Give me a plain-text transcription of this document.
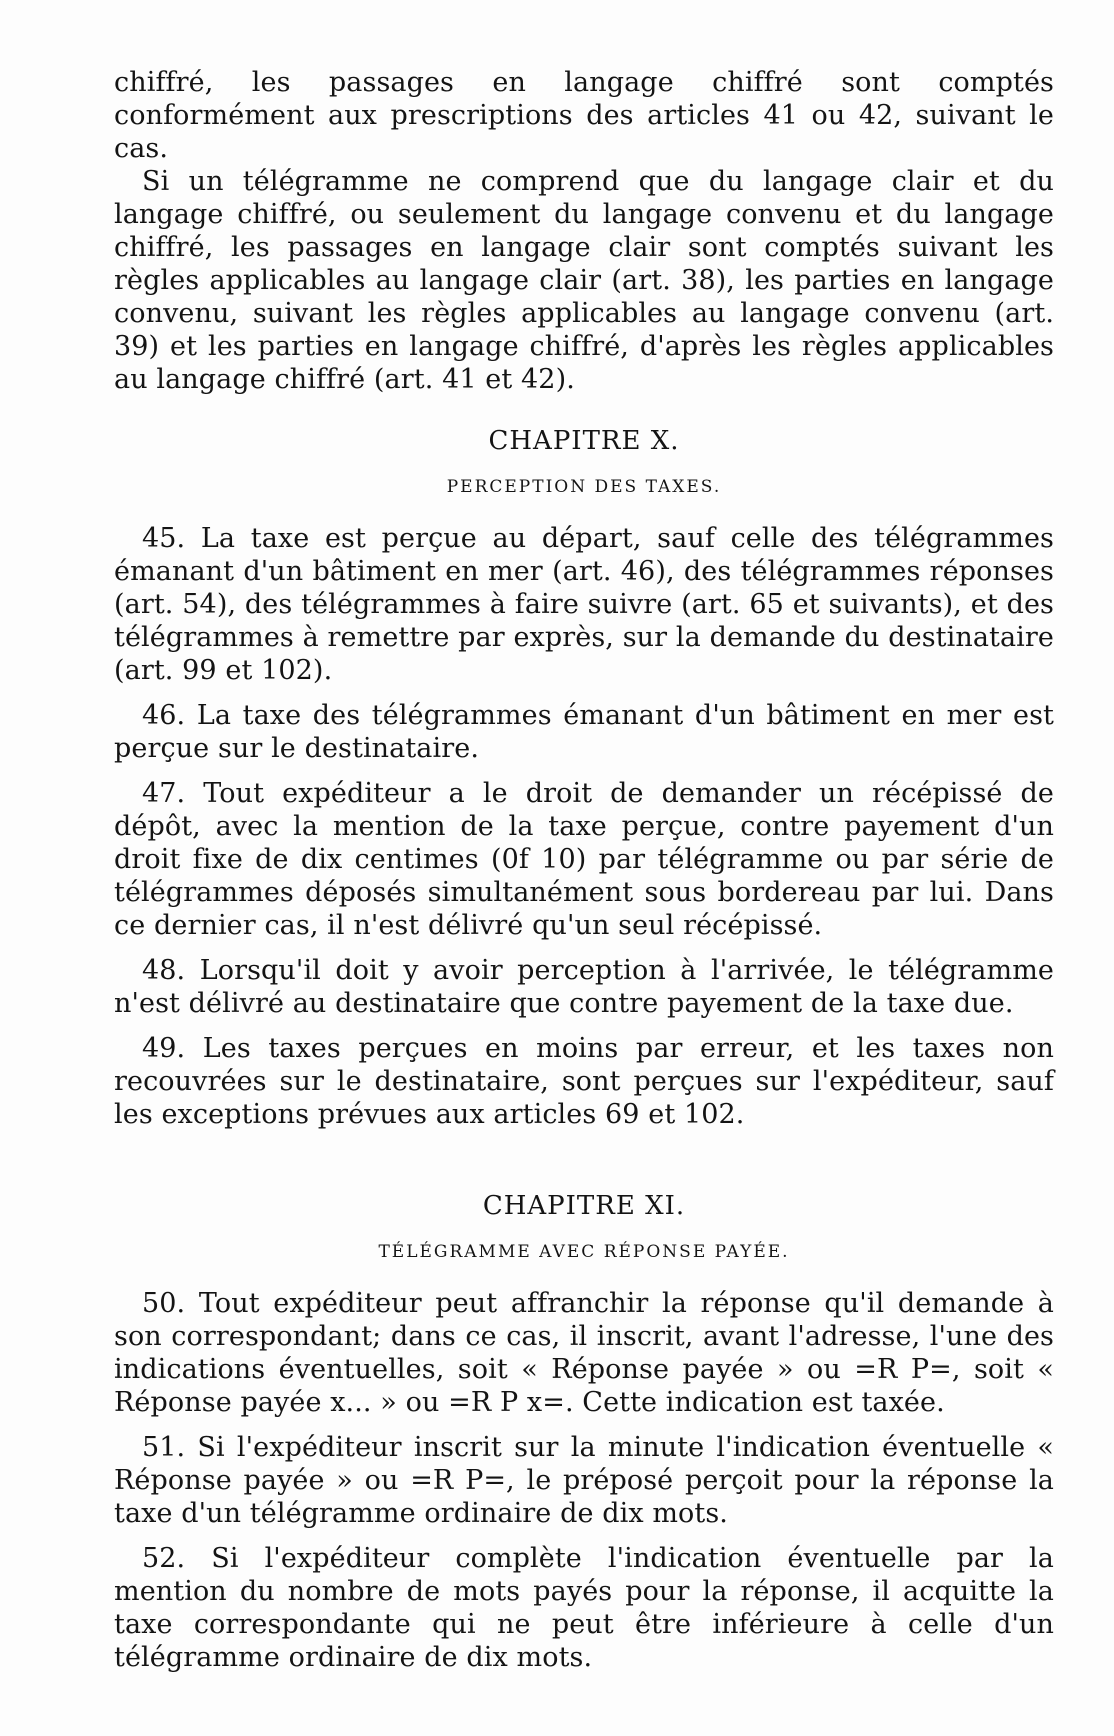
chiffré, les passages en langage chiffré sont comptés conformément aux prescriptions des articles 41 ou 42, suivant le cas.

Si un télégramme ne comprend que du langage clair et du langage chiffré, ou seulement du langage convenu et du langage chiffré, les passages en langage clair sont comptés suivant les règles applicables au langage clair (art. 38), les parties en langage convenu, suivant les règles applicables au langage convenu (art. 39) et les parties en langage chiffré, d'après les règles applicables au langage chiffré (art. 41 et 42).

CHAPITRE X.
PERCEPTION DES TAXES.

45. La taxe est perçue au départ, sauf celle des télégrammes émanant d'un bâtiment en mer (art. 46), des télégrammes réponses (art. 54), des télégrammes à faire suivre (art. 65 et suivants), et des télégrammes à remettre par exprès, sur la demande du destinataire (art. 99 et 102).

46. La taxe des télégrammes émanant d'un bâtiment en mer est perçue sur le destinataire.

47. Tout expéditeur a le droit de demander un récépissé de dépôt, avec la mention de la taxe perçue, contre payement d'un droit fixe de dix centimes (0f 10) par télégramme ou par série de télégrammes déposés simultanément sous bordereau par lui. Dans ce dernier cas, il n'est délivré qu'un seul récépissé.

48. Lorsqu'il doit y avoir perception à l'arrivée, le télégramme n'est délivré au destinataire que contre payement de la taxe due.

49. Les taxes perçues en moins par erreur, et les taxes non recouvrées sur le destinataire, sont perçues sur l'expéditeur, sauf les exceptions prévues aux articles 69 et 102.

CHAPITRE XI.
TÉLÉGRAMME AVEC RÉPONSE PAYÉE.

50. Tout expéditeur peut affranchir la réponse qu'il demande à son correspondant; dans ce cas, il inscrit, avant l'adresse, l'une des indications éventuelles, soit « Réponse payée » ou =R P=, soit « Réponse payée x... » ou =R P x=. Cette indication est taxée.

51. Si l'expéditeur inscrit sur la minute l'indication éventuelle « Réponse payée » ou =R P=, le préposé perçoit pour la réponse la taxe d'un télégramme ordinaire de dix mots.

52. Si l'expéditeur complète l'indication éventuelle par la mention du nombre de mots payés pour la réponse, il acquitte la taxe correspondante qui ne peut être inférieure à celle d'un télégramme ordinaire de dix mots.
